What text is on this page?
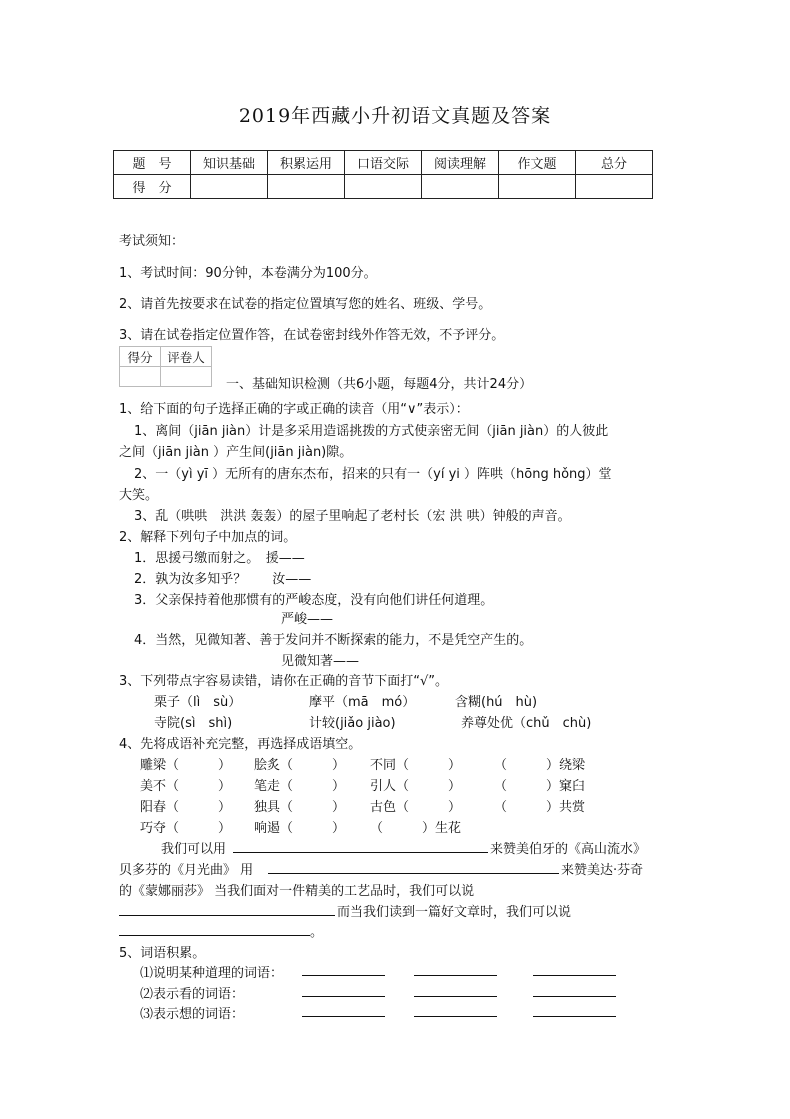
2019年西藏小升初语文真题及答案
题　号	知识基础	积累运用	口语交际	阅读理解	作文题	总分
得　分						
考试须知：
1、考试时间：90分钟，本卷满分为100分。
2、请首先按要求在试卷的指定位置填写您的姓名、班级、学号。
3、请在试卷指定位置作答，在试卷密封线外作答无效，不予评分。
得分	评卷人

一、基础知识检测（共6小题，每题4分，共计24分）
1、给下面的句子选择正确的字或正确的读音（用“∨”表示）：
1、离间（jiān jiàn）计是多采用造谣挑拨的方式使亲密无间（jiān jiàn）的人彼此
之间（jiān jiàn ）产生间(jiān jiàn)隙。
2、一（yì yī ）无所有的唐东杰布，招来的只有一（yí yi ）阵哄（hōng hǒng）堂
大笑。
3、乱（哄哄　洪洪 轰轰）的屋子里响起了老村长（宏 洪 哄）钟般的声音。
2、解释下列句子中加点的词。
1．思援弓缴而射之。　援——
2．孰为汝多知乎？　　汝——
3．父亲保持着他那惯有的严峻态度，没有向他们讲任何道理。
严峻——
4．当然，见微知著、善于发问并不断探索的能力，不是凭空产生的。
见微知著——
3、下列带点字容易读错，请你在正确的音节下面打“√”。
栗子（lì　sù）	摩平（mā　mó）	含糊(hú　hù)
寺院(sì　shì)	计较(jiǎo jiào)	养尊处优（chǔ　chù)
4、先将成语补充完整，再选择成语填空。
雕梁（　　　） 脍炙（　　　） 不同（　　　）	（　　　）绕梁
美不（　　　） 笔走（　　　） 引人（　　　）	（　　　）窠臼
阳春（　　　） 独具（　　　） 古色（　　　）	（　　　）共赏
巧夺（　　　） 响遏（　　　） （　　　）生花
我们可以用	来赞美伯牙的《高山流水》
贝多芬的《月光曲》 用	来赞美达·芬奇
的《蒙娜丽莎》 当我们面对一件精美的工艺品时，我们可以说
而当我们读到一篇好文章时，我们可以说
。
5、词语积累。
⑴说明某种道理的词语：
⑵表示看的词语：
⑶表示想的词语：
